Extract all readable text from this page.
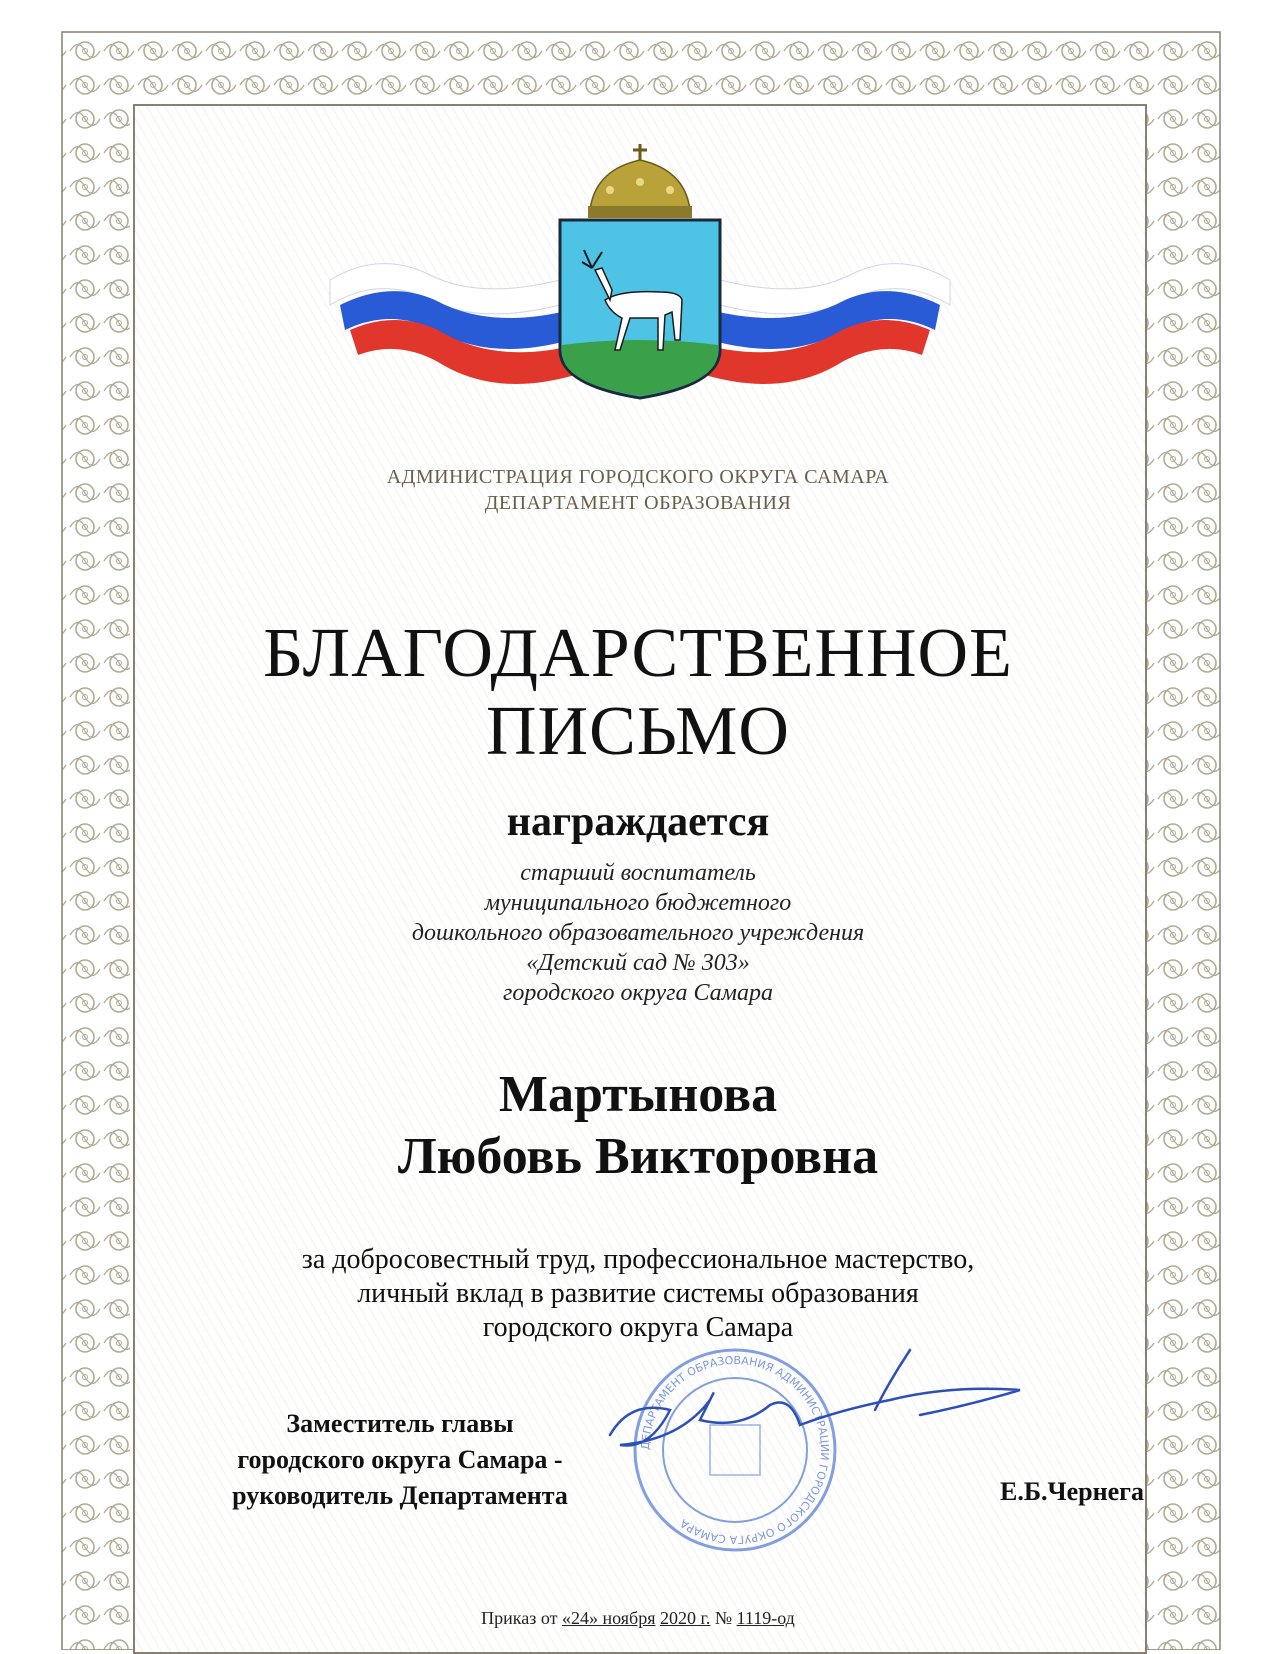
АДМИНИСТРАЦИЯ ГОРОДСКОГО ОКРУГА САМАРА
ДЕПАРТАМЕНТ ОБРАЗОВАНИЯ
БЛАГОДАРСТВЕННОЕ
ПИСЬМО
награждается
старший воспитатель
муниципального бюджетного
дошкольного образовательного учреждения
«Детский сад № 303»
городского округа Самара
Мартынова
Любовь Викторовна
за добросовестный труд, профессиональное мастерство,
личный вклад в развитие системы образования
городского округа Самара
ДЕПАРТАМЕНТ ОБРАЗОВАНИЯ АДМИНИСТРАЦИИ ГОРОДСКОГО ОКРУГА САМАРА
Заместитель главы
городского округа Самара -
руководитель Департамента	Е.Б.Чернега
Приказ от «24» ноября 2020 г. № 1119-од
